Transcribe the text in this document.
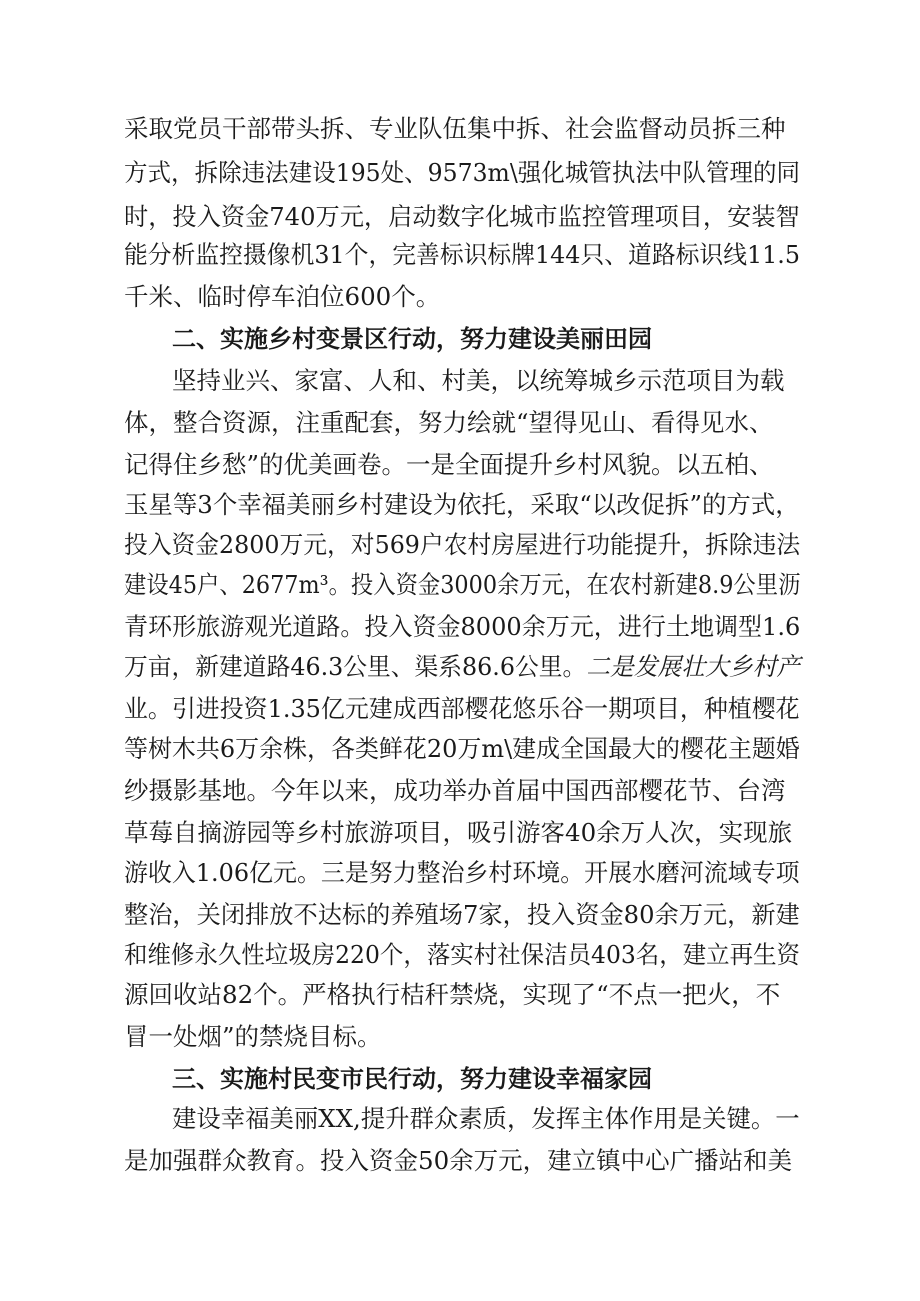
采取党员干部带头拆、专业队伍集中拆、社会监督动员拆三种
方式，拆除违法建设195处、9573m\强化城管执法中队管理的同
时，投入资金740万元，启动数字化城市监控管理项目，安装智
能分析监控摄像机31个，完善标识标牌144只、道路标识线11.5
千米、临时停车泊位600个。
二、实施乡村变景区行动，努力建设美丽田园
坚持业兴、家富、人和、村美，以统筹城乡示范项目为载
体，整合资源，注重配套，努力绘就“望得见山、看得见水、
记得住乡愁”的优美画卷。一是全面提升乡村风貌。以五柏、
玉星等3个幸福美丽乡村建设为依托，采取“以改促拆”的方式，
投入资金2800万元，对569户农村房屋进行功能提升，拆除违法
建设45户、2677m³。投入资金3000余万元，在农村新建8.9公里沥
青环形旅游观光道路。投入资金8000余万元，进行土地调型1.6
万亩，新建道路46.3公里、渠系86.6公里。二是发展壮大乡村产
业。引进投资1.35亿元建成西部樱花悠乐谷一期项目，种植樱花
等树木共6万余株，各类鲜花20万m\建成全国最大的樱花主题婚
纱摄影基地。今年以来，成功举办首届中国西部樱花节、台湾
草莓自摘游园等乡村旅游项目，吸引游客40余万人次，实现旅
游收入1.06亿元。三是努力整治乡村环境。开展水磨河流域专项
整治，关闭排放不达标的养殖场7家，投入资金80余万元，新建
和维修永久性垃圾房220个，落实村社保洁员403名，建立再生资
源回收站82个。严格执行桔秆禁烧，实现了“不点一把火，不
冒一处烟”的禁烧目标。
三、实施村民变市民行动，努力建设幸福家园
建设幸福美丽XX,提升群众素质，发挥主体作用是关键。一
是加强群众教育。投入资金50余万元，建立镇中心广播站和美
